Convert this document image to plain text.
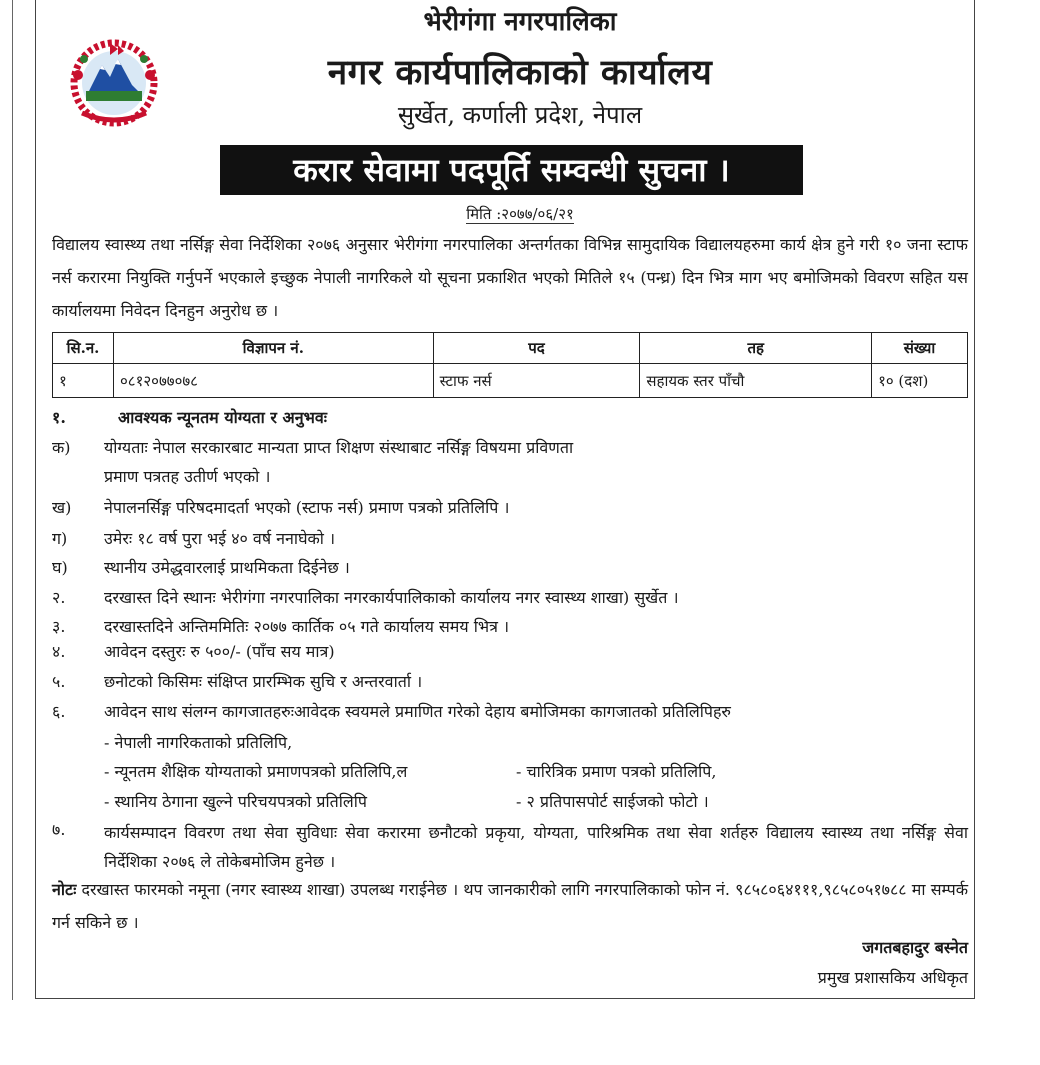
भेरीगंगा नगरपालिका
नगर कार्यपालिकाको कार्यालय
सुर्खेत, कर्णाली प्रदेश, नेपाल
करार सेवामा पदपूर्ति सम्वन्धी सुचना ।
मिति :२०७७/०६/२१
विद्यालय स्वास्थ्य तथा नर्सिङ्ग सेवा निर्देशिका २०७६ अनुसार भेरीगंगा नगरपालिका अन्तर्गतका विभिन्न सामुदायिक विद्यालयहरुमा कार्य क्षेत्र हुने गरी १० जना स्टाफ नर्स करारमा नियुक्ति गर्नुपर्ने भएकाले इच्छुक नेपाली नागरिकले यो सूचना प्रकाशित भएको मितिले १५ (पन्ध्र) दिन भित्र माग भए बमोजिमको विवरण सहित यस कार्यालयमा निवेदन दिनहुन अनुरोध छ ।
सि.न.	विज्ञापन नं.	पद	तह	संख्या
१	०८१२०७७०७८	स्टाफ नर्स	सहायक स्तर पाँचौ	१० (दश)
१.	आवश्यक न्यूनतम योग्यता र अनुभवः
क) योग्यताः नेपाल सरकारबाट मान्यता प्राप्त शिक्षण संस्थाबाट नर्सिङ्ग विषयमा प्रविणता
प्रमाण पत्रतह उतीर्ण भएको ।
ख) नेपालनर्सिङ्ग परिषदमादर्ता भएको (स्टाफ नर्स) प्रमाण पत्रको प्रतिलिपि ।
ग) उमेरः १८ वर्ष पुरा भई ४० वर्ष ननाघेको ।
घ) स्थानीय उमेद्धवारलाई प्राथमिकता दिईनेछ ।
२. दरखास्त दिने स्थानः भेरीगंगा नगरपालिका नगरकार्यपालिकाको कार्यालय नगर स्वास्थ्य शाखा) सुर्खेत ।
३. दरखास्तदिने अन्तिममितिः २०७७ कार्तिक ०५ गते कार्यालय समय भित्र ।
४. आवेदन दस्तुरः रु ५००/- (पाँच सय मात्र)
५. छनोटको किसिमः संक्षिप्त प्रारम्भिक सुचि र अन्तरवार्ता ।
६. आवेदन साथ संलग्न कागजातहरुःआवेदक स्वयमले प्रमाणित गरेको देहाय बमोजिमका कागजातको प्रतिलिपिहरु
- नेपाली नागरिकताको प्रतिलिपि,
- न्यूनतम शैक्षिक योग्यताको प्रमाणपत्रको प्रतिलिपि,ल	- चारित्रिक प्रमाण पत्रको प्रतिलिपि,
- स्थानिय ठेगाना खुल्ने परिचयपत्रको प्रतिलिपि	- २ प्रतिपासपोर्ट साईजको फोटो ।
७. कार्यसम्पादन विवरण तथा सेवा सुविधाः सेवा करारमा छनौटको प्रकृया, योग्यता, पारिश्रमिक तथा सेवा शर्तहरु विद्यालय स्वास्थ्य तथा नर्सिङ्ग सेवा निर्देशिका २०७६ ले तोकेबमोजिम हुनेछ ।
नोटः दरखास्त फारमको नमूना (नगर स्वास्थ्य शाखा) उपलब्ध गराईनेछ । थप जानकारीको लागि नगरपालिकाको फोन नं. ९८५८०६४१११,९८५८०५१७८८ मा सम्पर्क गर्न सकिने छ ।
जगतबहादुर बस्नेत
प्रमुख प्रशासकिय अधिकृत
